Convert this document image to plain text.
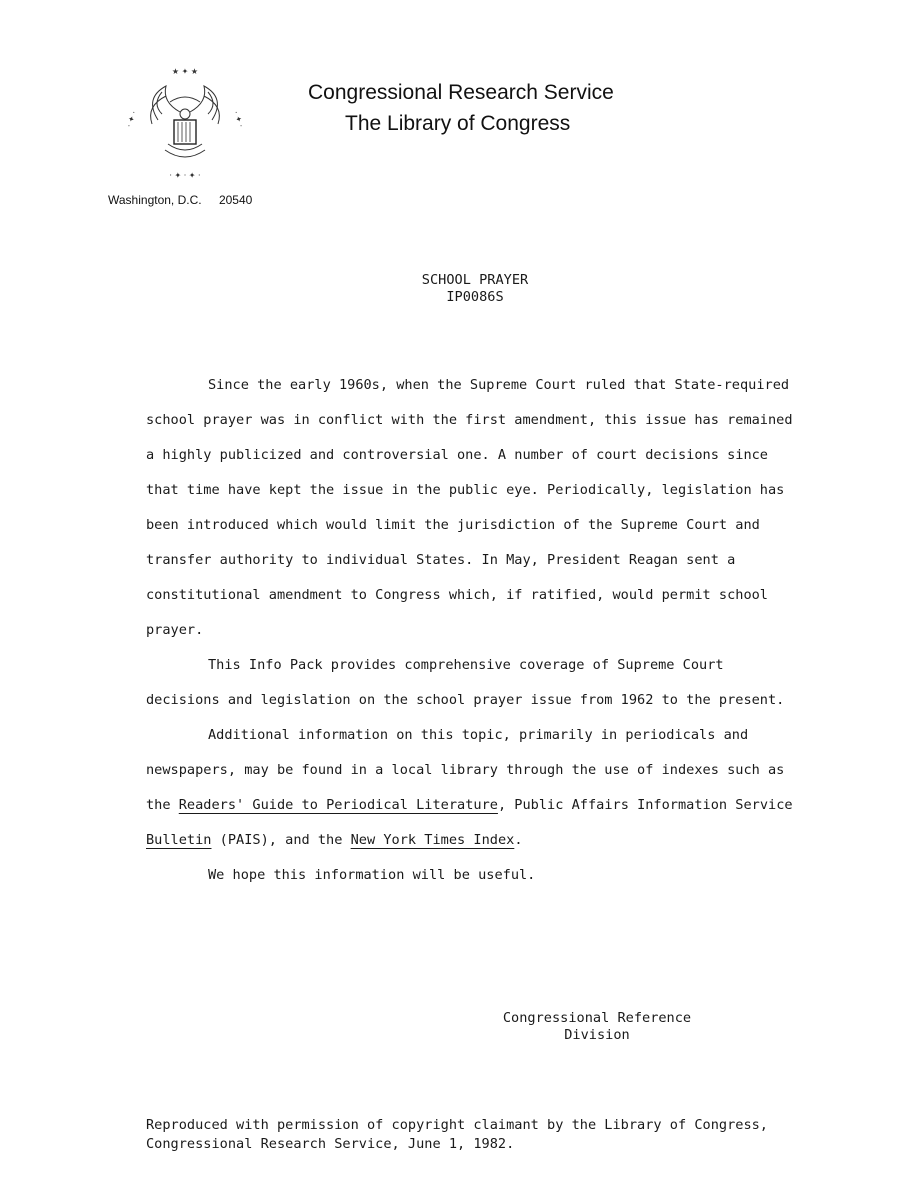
★ ✦ ★
· ✦ ·	· ✦ ·
· ✦ · ✦ ·
Congressional Research Service
The Library of Congress
Washington, D.C. 20540
SCHOOL PRAYER
IP0086S

Since the early 1960s, when the Supreme Court ruled that State-required school prayer was in conflict with the first amendment, this issue has remained a highly publicized and controversial one. A number of court decisions since that time have kept the issue in the public eye. Periodically, legislation has been introduced which would limit the jurisdiction of the Supreme Court and transfer authority to individual States. In May, President Reagan sent a constitutional amendment to Congress which, if ratified, would permit school prayer.

This Info Pack provides comprehensive coverage of Supreme Court decisions and legislation on the school prayer issue from 1962 to the present.

Additional information on this topic, primarily in periodicals and newspapers, may be found in a local library through the use of indexes such as the Readers' Guide to Periodical Literature, Public Affairs Information Service Bulletin (PAIS), and the New York Times Index.

We hope this information will be useful.

Congressional Reference
Division
Reproduced with permission of copyright claimant by the Library of Congress,
Congressional Research Service, June 1, 1982.
